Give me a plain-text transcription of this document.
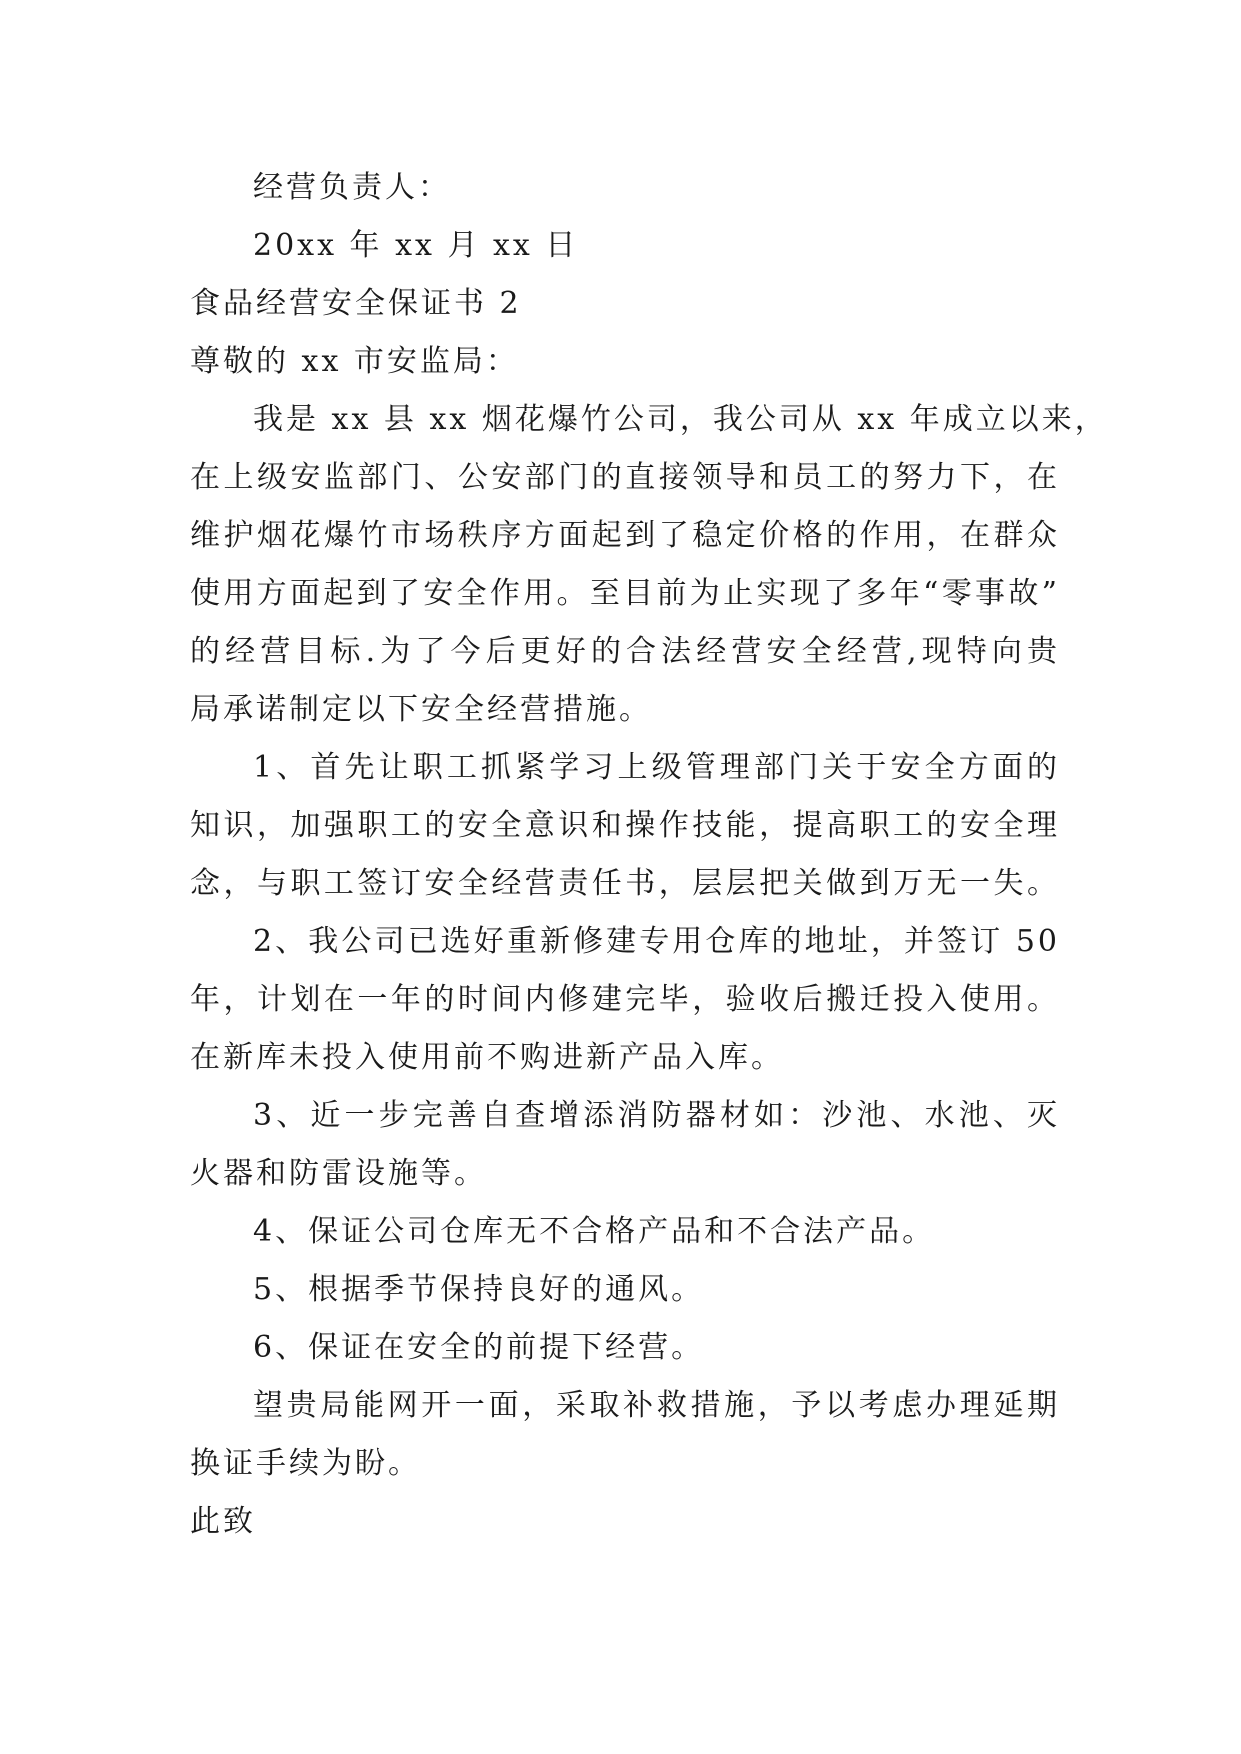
经营负责人：
20xx 年 xx 月 xx 日
食品经营安全保证书 2
尊敬的 xx 市安监局：
我是 xx 县 xx 烟花爆竹公司，我公司从 xx 年成立以来，
在上级安监部门、公安部门的直接领导和员工的努力下，在
维护烟花爆竹市场秩序方面起到了稳定价格的作用，在群众
使用方面起到了安全作用。至目前为止实现了多年“零事故”
的经营目标.为了今后更好的合法经营安全经营,现特向贵
局承诺制定以下安全经营措施。
1、首先让职工抓紧学习上级管理部门关于安全方面的
知识，加强职工的安全意识和操作技能，提高职工的安全理
念，与职工签订安全经营责任书，层层把关做到万无一失。
2、我公司已选好重新修建专用仓库的地址，并签订 50
年，计划在一年的时间内修建完毕，验收后搬迁投入使用。
在新库未投入使用前不购进新产品入库。
3、近一步完善自查增添消防器材如：沙池、水池、灭
火器和防雷设施等。
4、保证公司仓库无不合格产品和不合法产品。
5、根据季节保持良好的通风。
6、保证在安全的前提下经营。
望贵局能网开一面，采取补救措施，予以考虑办理延期
换证手续为盼。
此致
